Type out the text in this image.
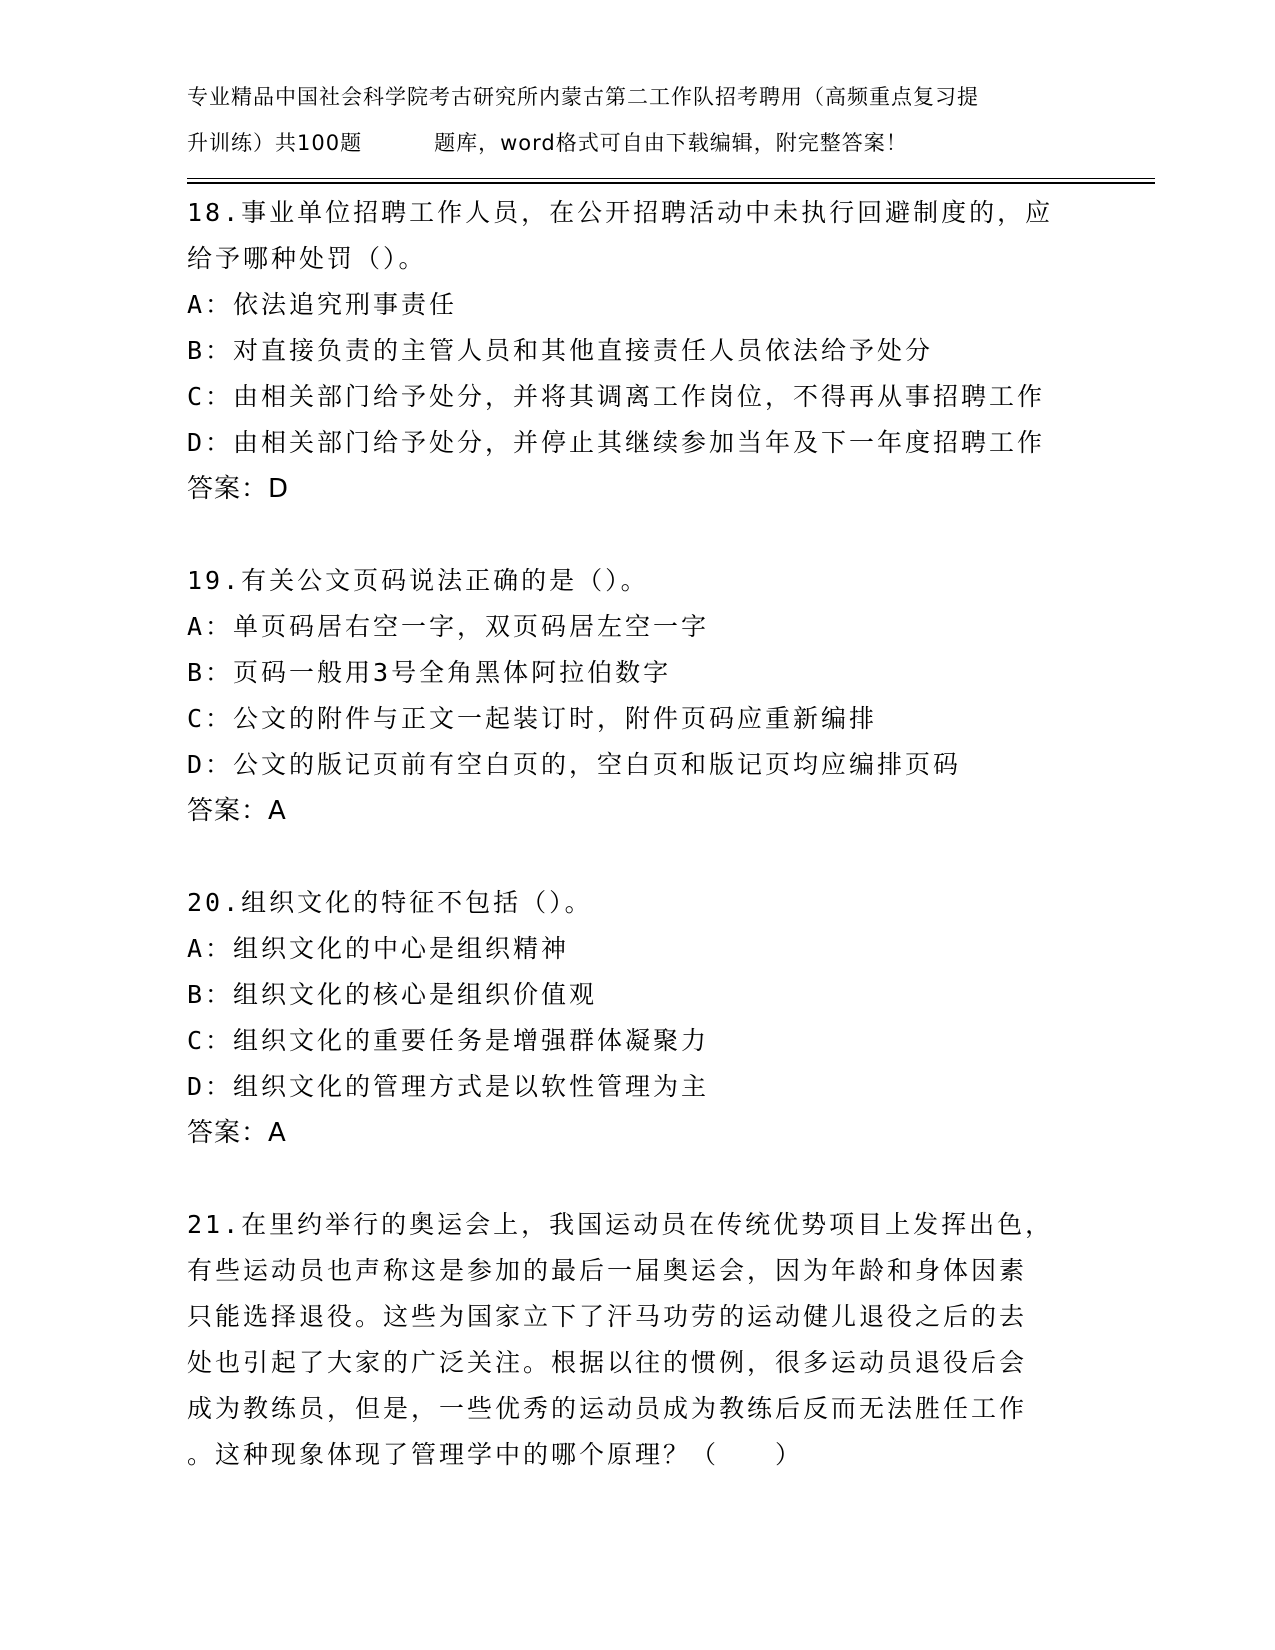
专业精品中国社会科学院考古研究所内蒙古第二工作队招考聘用（高频重点复习提
升训练）共100题	题库，word格式可自由下载编辑，附完整答案！
18.事业单位招聘工作人员，在公开招聘活动中未执行回避制度的，应
给予哪种处罚（）。
A：依法追究刑事责任
B：对直接负责的主管人员和其他直接责任人员依法给予处分
C：由相关部门给予处分，并将其调离工作岗位，不得再从事招聘工作
D：由相关部门给予处分，并停止其继续参加当年及下一年度招聘工作
答案：D
19.有关公文页码说法正确的是（）。
A：单页码居右空一字，双页码居左空一字
B：页码一般用3号全角黑体阿拉伯数字
C：公文的附件与正文一起装订时，附件页码应重新编排
D：公文的版记页前有空白页的，空白页和版记页均应编排页码
答案：A
20.组织文化的特征不包括（）。
A：组织文化的中心是组织精神
B：组织文化的核心是组织价值观
C：组织文化的重要任务是增强群体凝聚力
D：组织文化的管理方式是以软性管理为主
答案：A
21.在里约举行的奥运会上，我国运动员在传统优势项目上发挥出色，
有些运动员也声称这是参加的最后一届奥运会，因为年龄和身体因素
只能选择退役。这些为国家立下了汗马功劳的运动健儿退役之后的去
处也引起了大家的广泛关注。根据以往的惯例，很多运动员退役后会
成为教练员，但是，一些优秀的运动员成为教练后反而无法胜任工作
。这种现象体现了管理学中的哪个原理？（　　）
